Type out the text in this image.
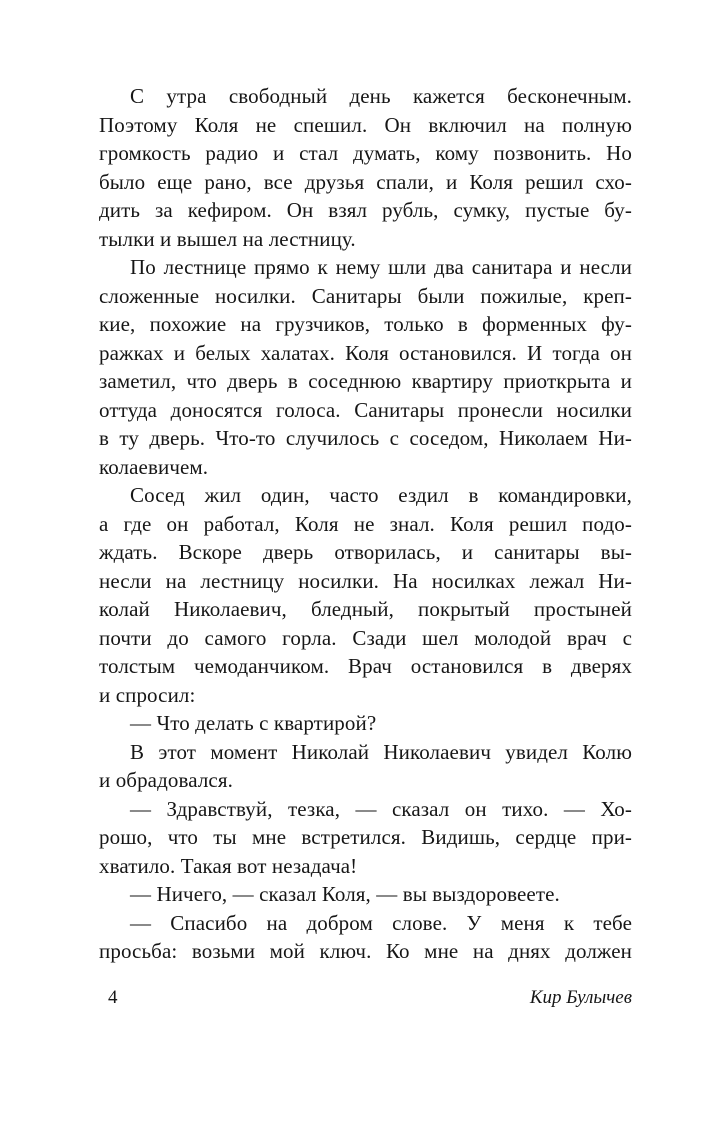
С утра свободный день кажется бесконечным.
Поэтому Коля не спешил. Он включил на полную
громкость радио и стал думать, кому позвонить. Но
было еще рано, все друзья спали, и Коля решил схо-
дить за кефиром. Он взял рубль, сумку, пустые бу-
тылки и вышел на лестницу.
По лестнице прямо к нему шли два санитара и несли
сложенные носилки. Санитары были пожилые, креп-
кие, похожие на грузчиков, только в форменных фу-
ражках и белых халатах. Коля остановился. И тогда он
заметил, что дверь в соседнюю квартиру приоткрыта и
оттуда доносятся голоса. Санитары пронесли носилки
в ту дверь. Что-то случилось с соседом, Николаем Ни-
колаевичем.
Сосед жил один, часто ездил в командировки,
а где он работал, Коля не знал. Коля решил подо-
ждать. Вскоре дверь отворилась, и санитары вы-
несли на лестницу носилки. На носилках лежал Ни-
колай Николаевич, бледный, покрытый простыней
почти до самого горла. Сзади шел молодой врач с
толстым чемоданчиком. Врач остановился в дверях
и спросил:
— Что делать с квартирой?
В этот момент Николай Николаевич увидел Колю
и обрадовался.
— Здравствуй, тезка, — сказал он тихо. — Хо-
рошо, что ты мне встретился. Видишь, сердце при-
хватило. Такая вот незадача!
— Ничего, — сказал Коля, — вы выздоровеете.
— Спасибо на добром слове. У меня к тебе
просьба: возьми мой ключ. Ко мне на днях должен
4	Кир Булычев
